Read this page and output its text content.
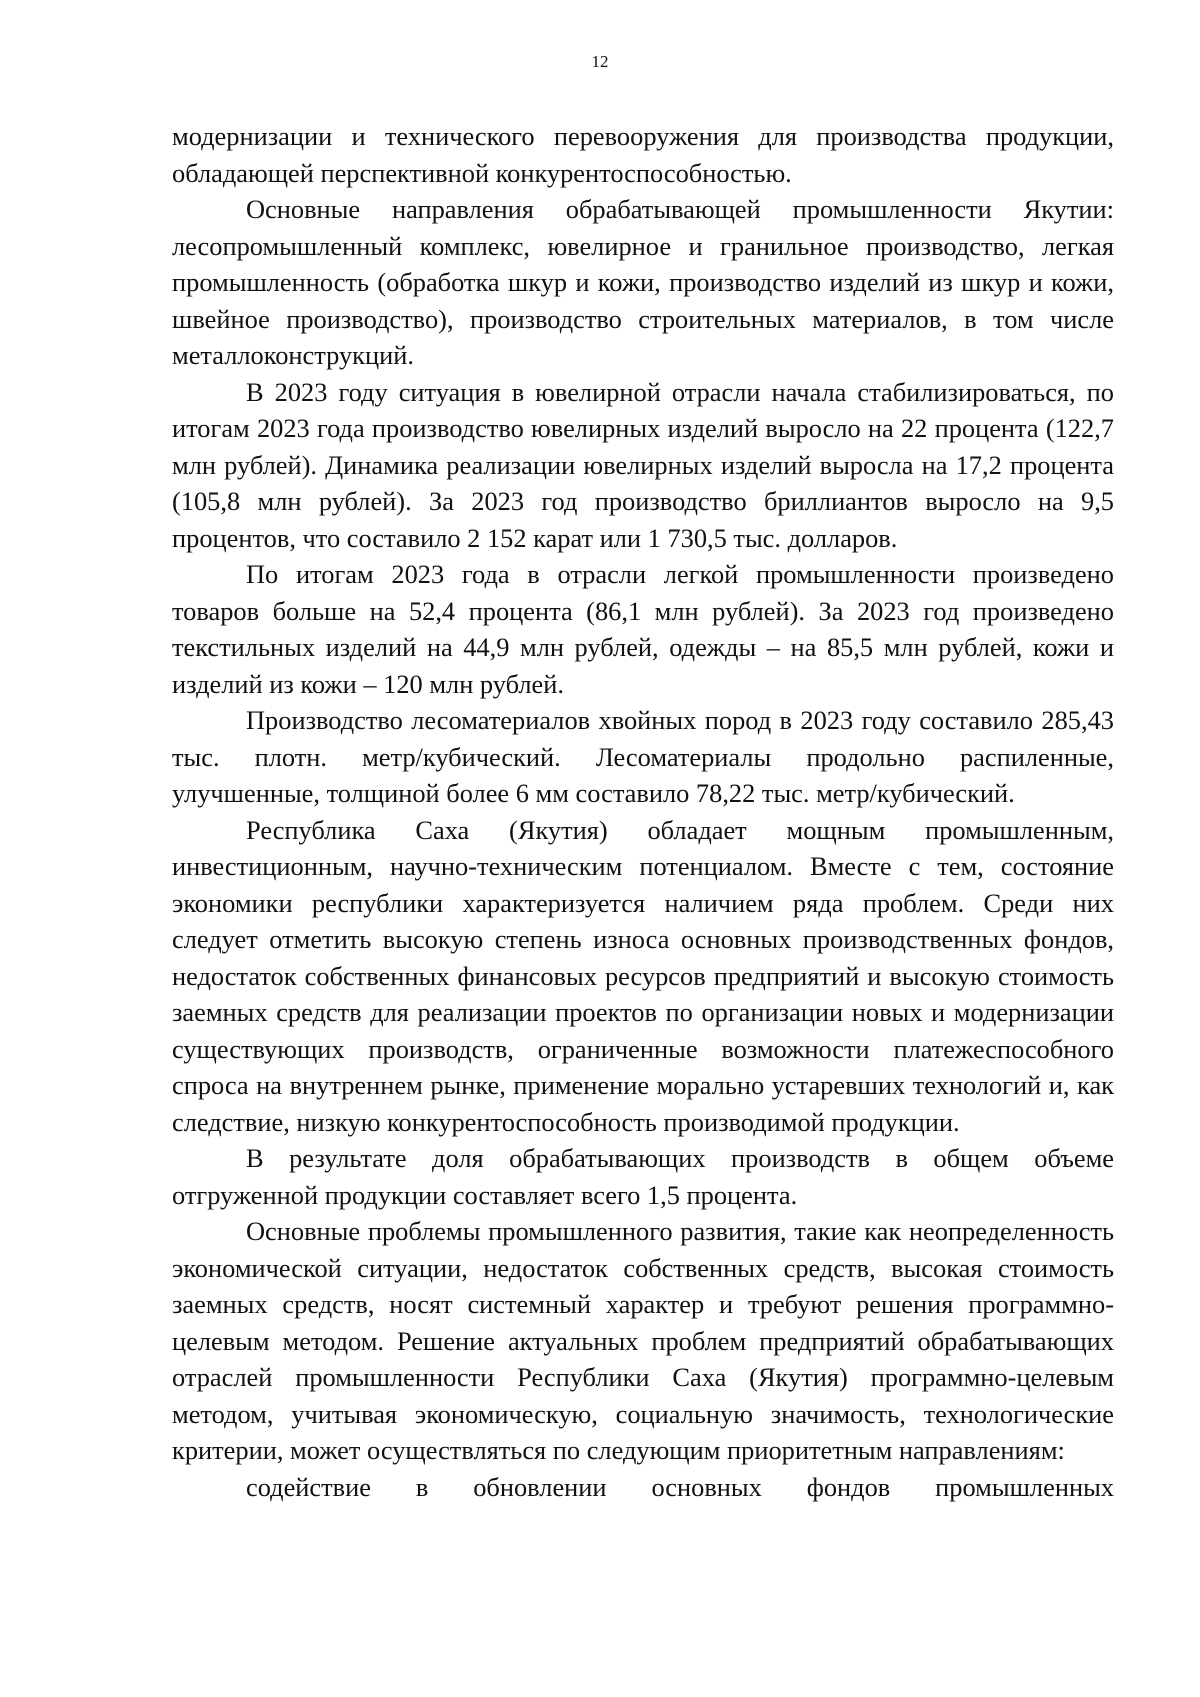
12

модернизации и технического перевооружения для производства продукции, обладающей перспективной конкурентоспособностью.

Основные направления обрабатывающей промышленности Якутии: лесопромышленный комплекс, ювелирное и гранильное производство, легкая промышленность (обработка шкур и кожи, производство изделий из шкур и кожи, швейное производство), производство строительных материалов, в том числе металлоконструкций.

В 2023 году ситуация в ювелирной отрасли начала стабилизироваться, по итогам 2023 года производство ювелирных изделий выросло на 22 процента (122,7 млн рублей). Динамика реализации ювелирных изделий выросла на 17,2 процента (105,8 млн рублей). За 2023 год производство бриллиантов выросло на 9,5 процентов, что составило 2 152 карат или 1 730,5 тыс. долларов.

По итогам 2023 года в отрасли легкой промышленности произведено товаров больше на 52,4 процента (86,1 млн рублей). За 2023 год произведено текстильных изделий на 44,9 млн рублей, одежды – на 85,5 млн рублей, кожи и изделий из кожи – 120 млн рублей.

Производство лесоматериалов хвойных пород в 2023 году составило 285,43 тыс. плотн. метр/кубический. Лесоматериалы продольно распиленные, улучшенные, толщиной более 6 мм составило 78,22 тыс. метр/кубический.

Республика Саха (Якутия) обладает мощным промышленным, инвестиционным, научно-техническим потенциалом. Вместе с тем, состояние экономики республики характеризуется наличием ряда проблем. Среди них следует отметить высокую степень износа основных производственных фондов, недостаток собственных финансовых ресурсов предприятий и высокую стоимость заемных средств для реализации проектов по организации новых и модернизации существующих производств, ограниченные возможности платежеспособного спроса на внутреннем рынке, применение морально устаревших технологий и, как следствие, низкую конкурентоспособность производимой продукции.

В результате доля обрабатывающих производств в общем объеме отгруженной продукции составляет всего 1,5 процента.

Основные проблемы промышленного развития, такие как неопределенность экономической ситуации, недостаток собственных средств, высокая стоимость заемных средств, носят системный характер и требуют решения программно-целевым методом. Решение актуальных проблем предприятий обрабатывающих отраслей промышленности Республики Саха (Якутия) программно-целевым методом, учитывая экономическую, социальную значимость, технологические критерии, может осуществляться по следующим приоритетным направлениям:

содействие в обновлении основных фондов промышленных
